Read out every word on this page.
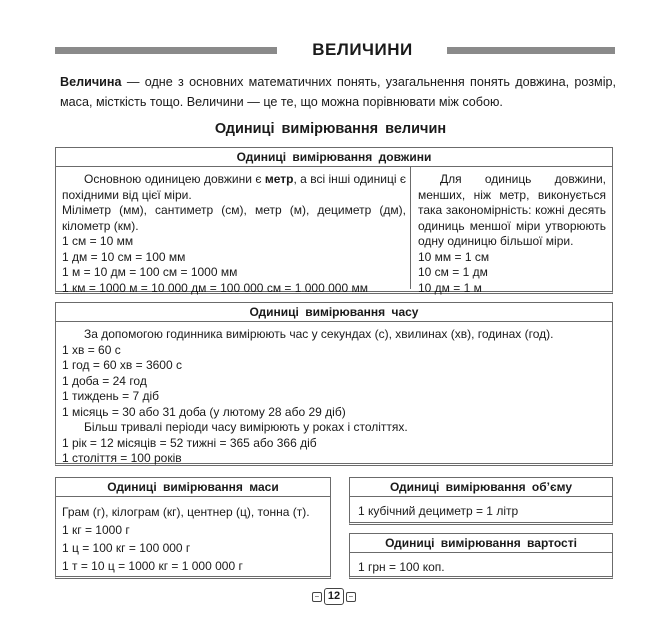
ВЕЛИЧИНИ
Величина — одне з основних математичних понять, узагальнення понять довжина, розмір, маса, місткість тощо. Величини — це те, що можна порівнювати між собою.
Одиниці вимірювання величин
Одиниці вимірювання довжини
Основною одиницею довжини є метр, а всі інші одиниці є похідними від цієї міри.
Міліметр (мм), сантиметр (см), метр (м), дециметр (дм), кілометр (км).
1 см = 10 мм
1 дм = 10 см = 100 мм
1 м = 10 дм = 100 см = 1000 мм
1 км = 1000 м = 10 000 дм = 100 000 см = 1 000 000 мм
Для одиниць довжини, менших, ніж метр, виконується така закономірність: кожні десять одиниць меншої міри утворюють одну одиницю більшої міри.
10 мм = 1 см
10 см = 1 дм
10 дм = 1 м
Одиниці вимірювання часу
За допомогою годинника вимірюють час у секундах (с), хвилинах (хв), годинах (год).
1 хв = 60 с
1 год = 60 хв = 3600 с
1 доба = 24 год
1 тиждень = 7 діб
1 місяць = 30 або 31 доба (у лютому 28 або 29 діб)
Більш тривалі періоди часу вимірюють у роках і століттях.
1 рік = 12 місяців = 52 тижні = 365 або 366 діб
1 століття = 100 років
Одиниці вимірювання маси
Грам (г), кілограм (кг), центнер (ц), тонна (т).
1 кг = 1000 г
1 ц = 100 кг = 100 000 г
1 т = 10 ц = 1000 кг = 1 000 000 г
Одиниці вимірювання об’єму
1 кубічний дециметр = 1 літр
Одиниці вимірювання вартості
1 грн = 100 коп.
– 12	–
